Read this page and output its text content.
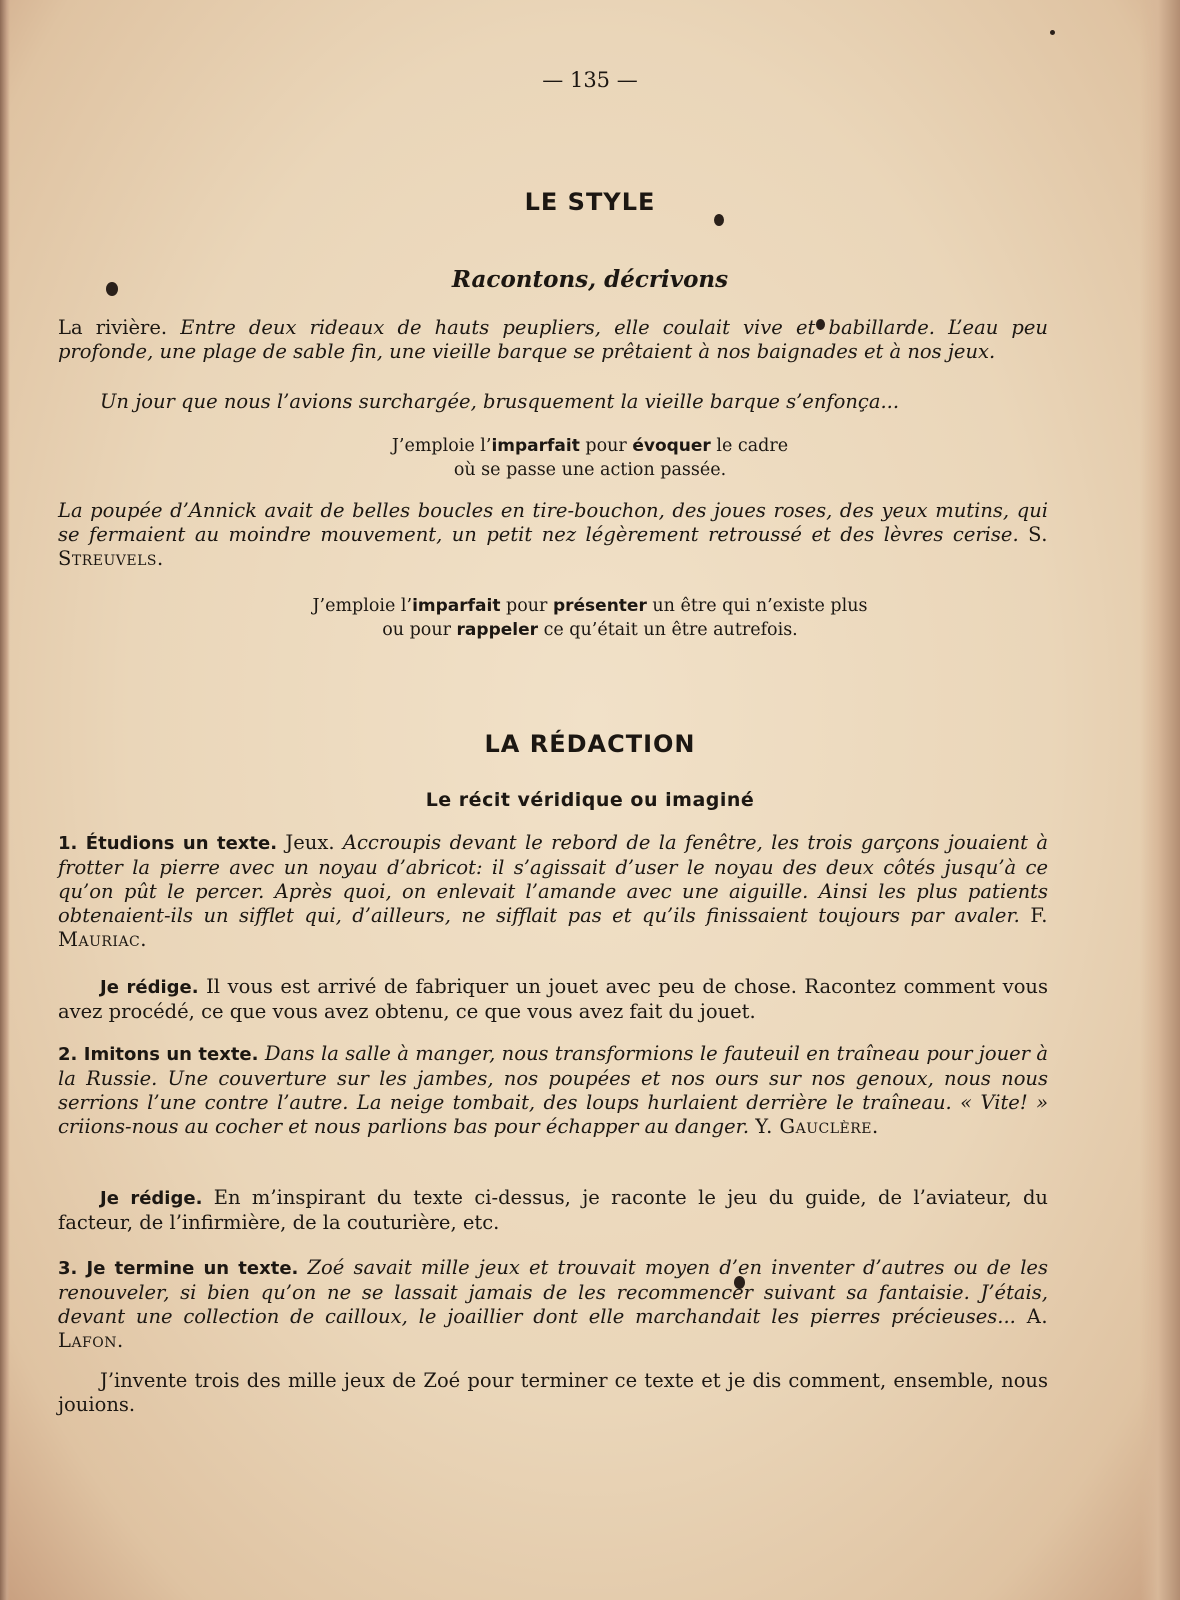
— 135 —
LE STYLE
Racontons, décrivons
La rivière. Entre deux rideaux de hauts peupliers, elle coulait vive et babillarde. L’eau peu profonde, une plage de sable fin, une vieille barque se prêtaient à nos baignades et à nos jeux.
Un jour que nous l’avions surchargée, brusquement la vieille barque s’enfonça...
J’emploie l’imparfait pour évoquer le cadre
où se passe une action passée.
La poupée d’Annick avait de belles boucles en tire-bouchon, des joues roses, des yeux mutins, qui se fermaient au moindre mouvement, un petit nez légèrement retroussé et des lèvres cerise. S. Streuvels.
J’emploie l’imparfait pour présenter un être qui n’existe plus
ou pour rappeler ce qu’était un être autrefois.
LA RÉDACTION
Le récit véridique ou imaginé
1. Étudions un texte. Jeux. Accroupis devant le rebord de la fenêtre, les trois garçons jouaient à frotter la pierre avec un noyau d’abricot: il s’agissait d’user le noyau des deux côtés jusqu’à ce qu’on pût le percer. Après quoi, on enlevait l’amande avec une aiguille. Ainsi les plus patients obtenaient-ils un sifflet qui, d’ailleurs, ne sifflait pas et qu’ils finissaient toujours par avaler. F. Mauriac.
Je rédige. Il vous est arrivé de fabriquer un jouet avec peu de chose. Racontez comment vous avez procédé, ce que vous avez obtenu, ce que vous avez fait du jouet.
2. Imitons un texte. Dans la salle à manger, nous transformions le fauteuil en traîneau pour jouer à la Russie. Une couverture sur les jambes, nos poupées et nos ours sur nos genoux, nous nous serrions l’une contre l’autre. La neige tombait, des loups hurlaient derrière le traîneau. « Vite! » criions-nous au cocher et nous parlions bas pour échapper au danger. Y. Gauclère.
Je rédige. En m’inspirant du texte ci-dessus, je raconte le jeu du guide, de l’aviateur, du facteur, de l’infirmière, de la couturière, etc.
3. Je termine un texte. Zoé savait mille jeux et trouvait moyen d’en inventer d’autres ou de les renouveler, si bien qu’on ne se lassait jamais de les recommencer suivant sa fantaisie. J’étais, devant une collection de cailloux, le joaillier dont elle marchandait les pierres précieuses... A. Lafon.
J’invente trois des mille jeux de Zoé pour terminer ce texte et je dis comment, ensemble, nous jouions.
